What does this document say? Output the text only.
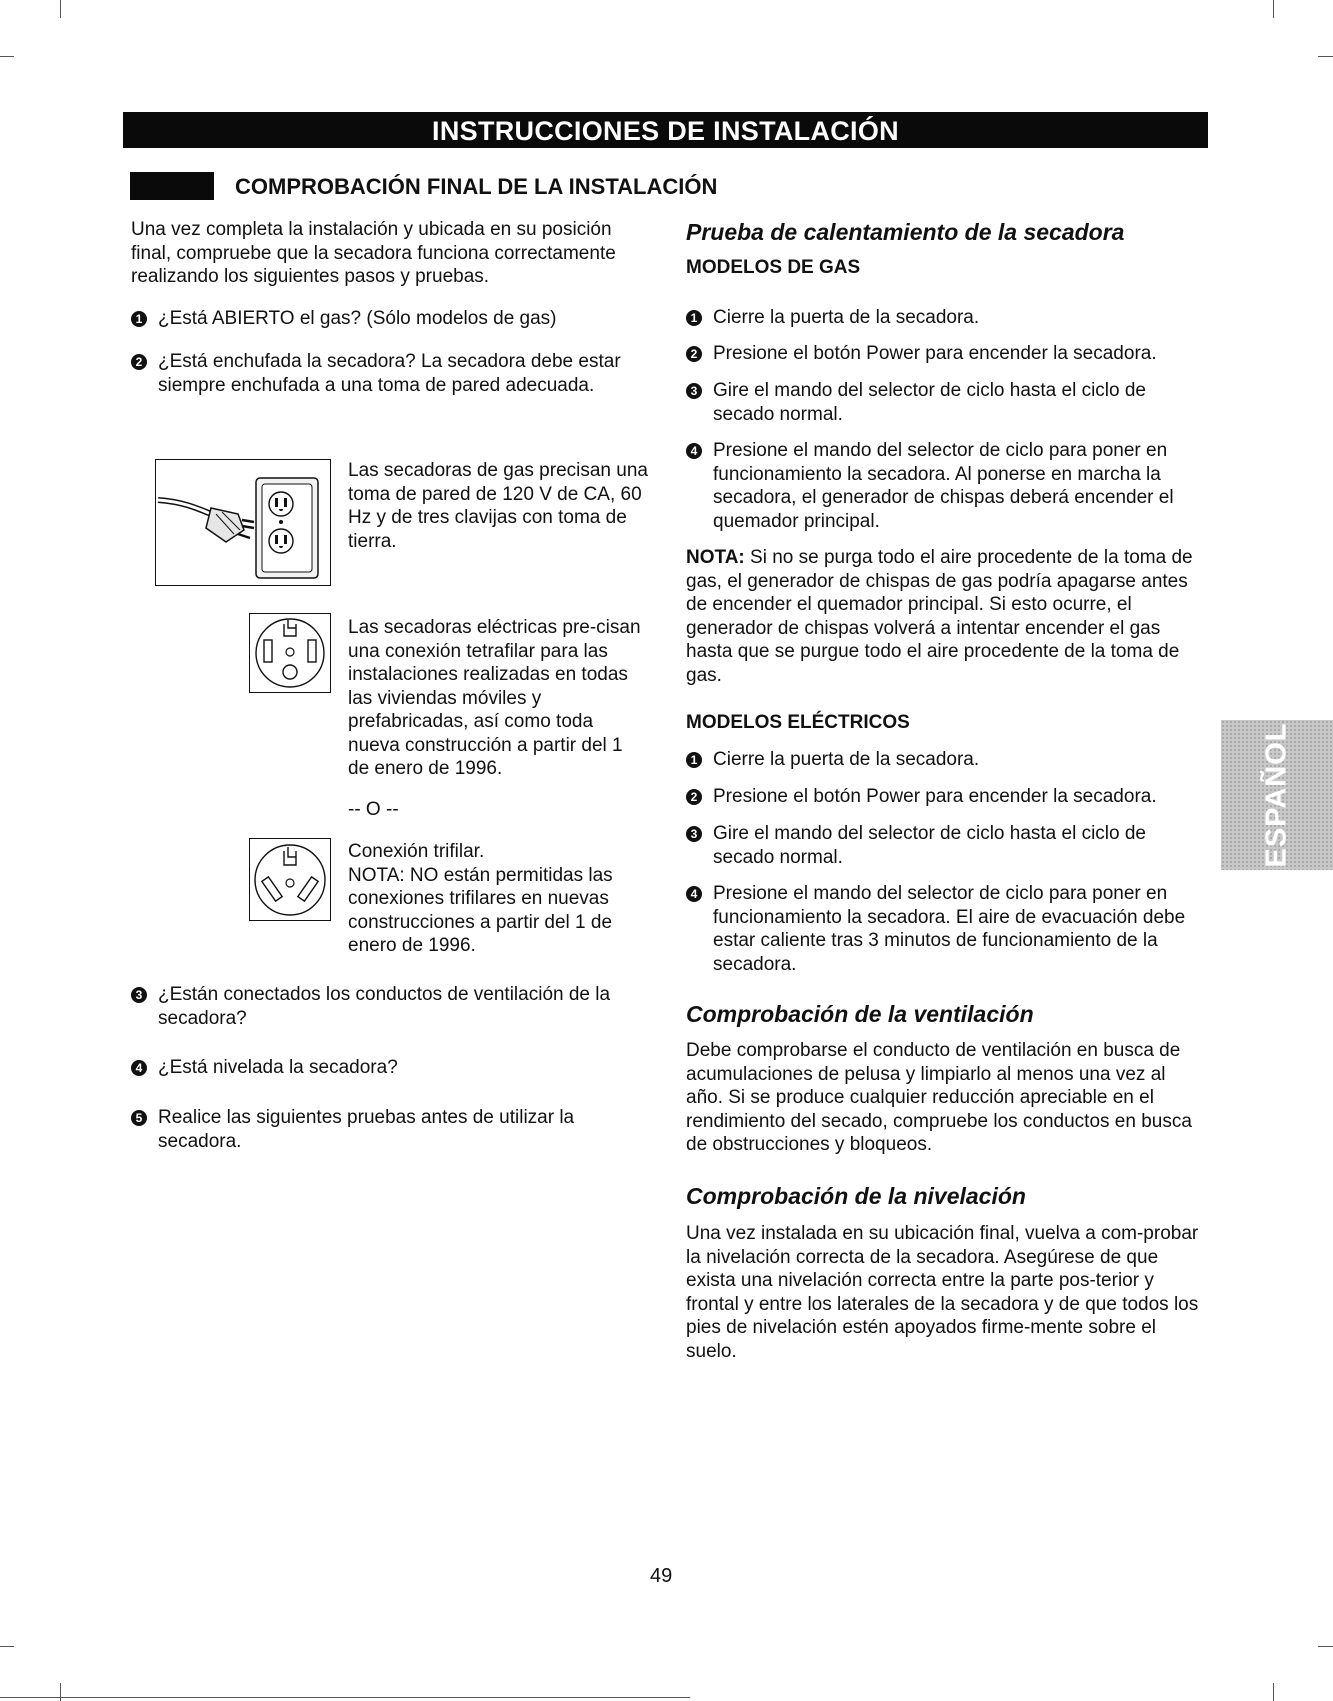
INSTRUCCIONES DE INSTALACIÓN
COMPROBACIÓN FINAL DE LA INSTALACIÓN
Una vez completa la instalación y ubicada en su posición final, compruebe que la secadora funciona correctamente realizando los siguientes pasos y pruebas.
1 ¿Está ABIERTO el gas? (Sólo modelos de gas)
2 ¿Está enchufada la secadora? La secadora debe estar siempre enchufada a una toma de pared adecuada.
Las secadoras de gas precisan una toma de pared de 120 V de CA, 60 Hz y de tres clavijas con toma de tierra.
Las secadoras eléctricas pre-cisan una conexión tetrafilar para las instalaciones realizadas en todas las viviendas móviles y prefabricadas, así como toda nueva construcción a partir del 1 de enero de 1996.
-- O --
Conexión trifilar.
NOTA: NO están permitidas las conexiones trifilares en nuevas construcciones a partir del 1 de enero de 1996.
3 ¿Están conectados los conductos de ventilación de la secadora?
4 ¿Está nivelada la secadora?
5 Realice las siguientes pruebas antes de utilizar la secadora.
Prueba de calentamiento de la secadora
MODELOS DE GAS
1 Cierre la puerta de la secadora.
2 Presione el botón Power para encender la secadora.
3 Gire el mando del selector de ciclo hasta el ciclo de secado normal.
4 Presione el mando del selector de ciclo para poner en funcionamiento la secadora. Al ponerse en marcha la secadora, el generador de chispas deberá encender el quemador principal.
NOTA: Si no se purga todo el aire procedente de la toma de gas, el generador de chispas de gas podría apagarse antes de encender el quemador principal. Si esto ocurre, el generador de chispas volverá a intentar encender el gas hasta que se purgue todo el aire procedente de la toma de gas.
MODELOS ELÉCTRICOS
1 Cierre la puerta de la secadora.
2 Presione el botón Power para encender la secadora.
3 Gire el mando del selector de ciclo hasta el ciclo de secado normal.
4 Presione el mando del selector de ciclo para poner en funcionamiento la secadora. El aire de evacuación debe estar caliente tras 3 minutos de funcionamiento de la secadora.
Comprobación de la ventilación
Debe comprobarse el conducto de ventilación en busca de acumulaciones de pelusa y limpiarlo al menos una vez al año. Si se produce cualquier reducción apreciable en el rendimiento del secado, compruebe los conductos en busca de obstrucciones y bloqueos.
Comprobación de la nivelación
Una vez instalada en su ubicación final, vuelva a com-probar la nivelación correcta de la secadora. Asegúrese de que exista una nivelación correcta entre la parte pos-terior y frontal y entre los laterales de la secadora y de que todos los pies de nivelación estén apoyados firme-mente sobre el suelo.
ESPAÑOL
49
